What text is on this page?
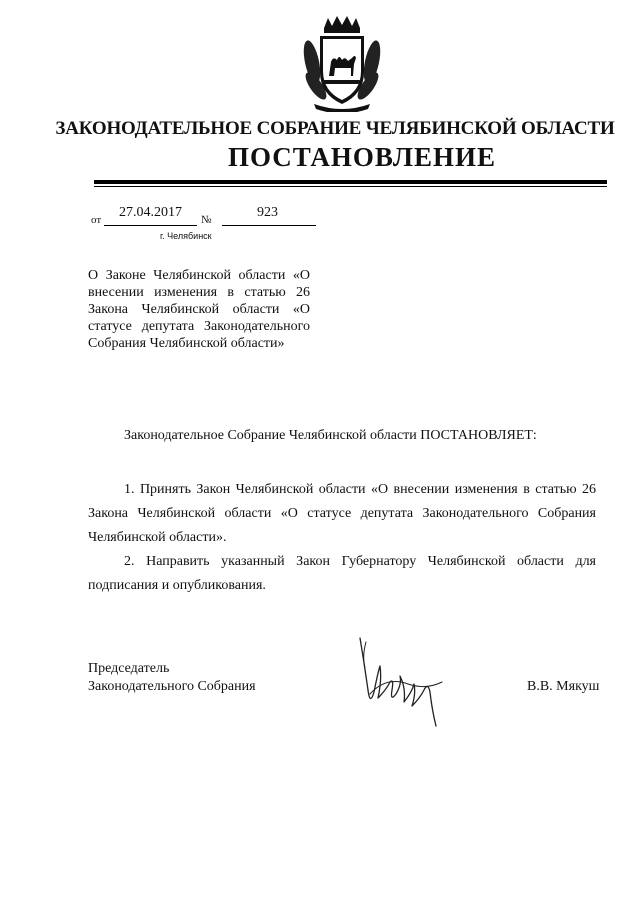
ЗАКОНОДАТЕЛЬНОЕ СОБРАНИЕ ЧЕЛЯБИНСКОЙ ОБЛАСТИ
ПОСТАНОВЛЕНИЕ
от 27.04.2017 №	923
г. Челябинск
О Законе Челябинской области «О внесении изменения в статью 26 Закона Челябинской области «О статусе депутата Законодательного Собрания Челябинской области»
Законодательное Собрание Челябинской области ПОСТАНОВЛЯЕТ:
1. Принять Закон Челябинской области «О внесении изменения в статью 26 Закона Челябинской области «О статусе депутата Законодательного Собрания Челябинской области».
2. Направить указанный Закон Губернатору Челябинской области для подписания и опубликования.
Председатель
Законодательного Собрания	В.В. Мякуш
